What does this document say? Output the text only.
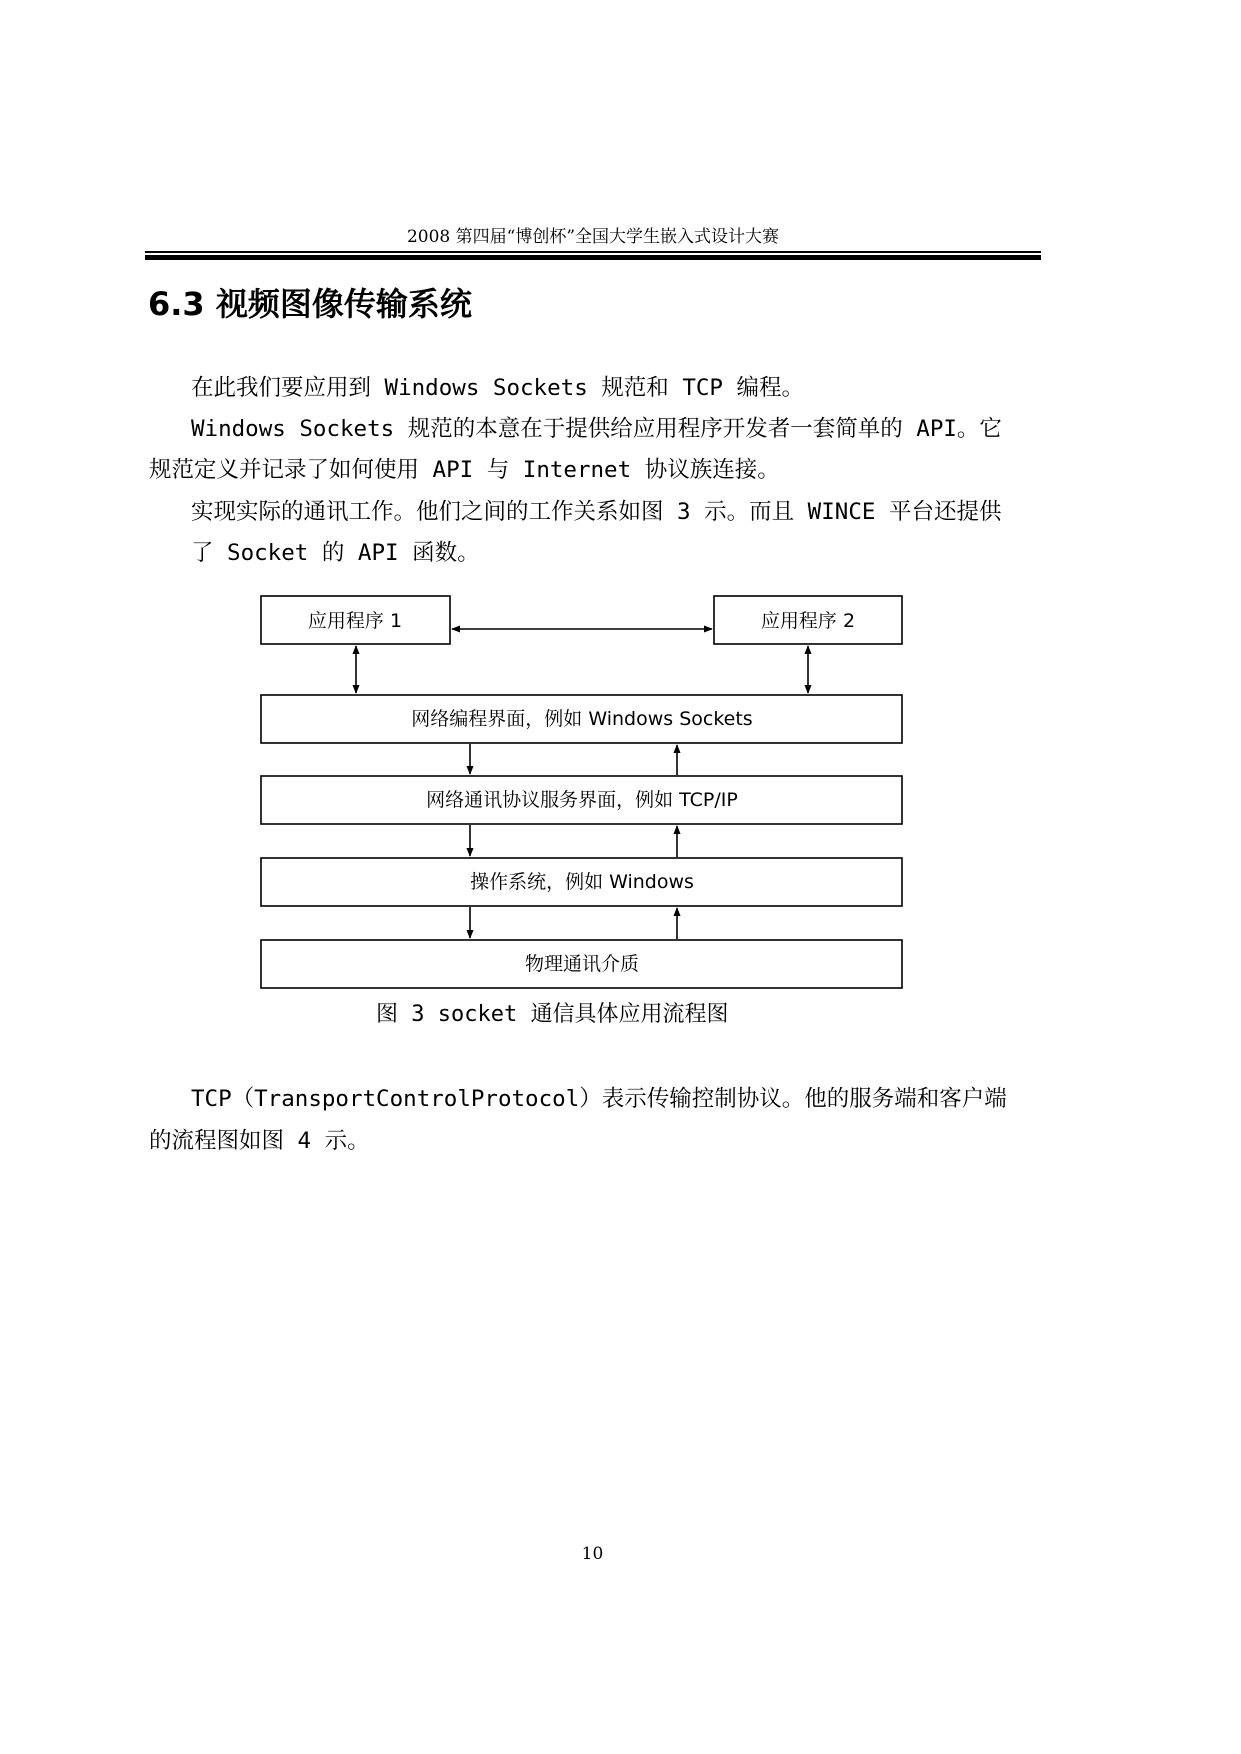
2008 第四届“博创杯”全国大学生嵌入式设计大赛
6.3 视频图像传输系统
在此我们要应用到 Windows Sockets 规范和 TCP 编程。
Windows Sockets 规范的本意在于提供给应用程序开发者一套简单的 API。它
规范定义并记录了如何使用 API 与 Internet 协议族连接。
实现实际的通讯工作。他们之间的工作关系如图 3 示。而且 WINCE 平台还提供
了 Socket 的 API 函数。
应用程序 1	应用程序 2
网络编程界面，例如 Windows Sockets
网络通讯协议服务界面，例如 TCP/IP
操作系统，例如 Windows
物理通讯介质
图 3 socket 通信具体应用流程图
TCP（TransportControlProtocol）表示传输控制协议。他的服务端和客户端
的流程图如图 4 示。
10
